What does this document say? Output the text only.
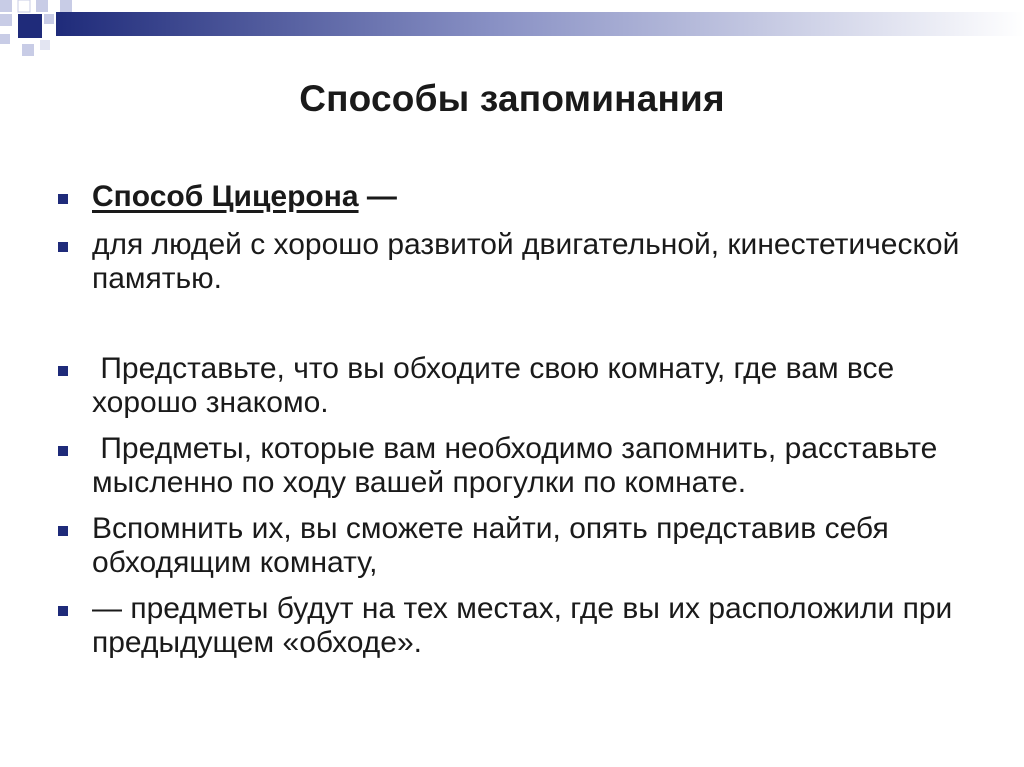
Способы запоминания
Способ Цицерона —
для людей с хорошо развитой двигательной, кинестетической памятью.
Представьте, что вы обходите свою комнату, где вам все хорошо знакомо.
Предметы, которые вам необходимо запомнить, расставьте мысленно по ходу вашей прогулки по комнате.
Вспомнить их, вы сможете найти, опять представив себя обходящим комнату,
— предметы будут на тех местах, где вы их расположили при предыдущем «обходе».
